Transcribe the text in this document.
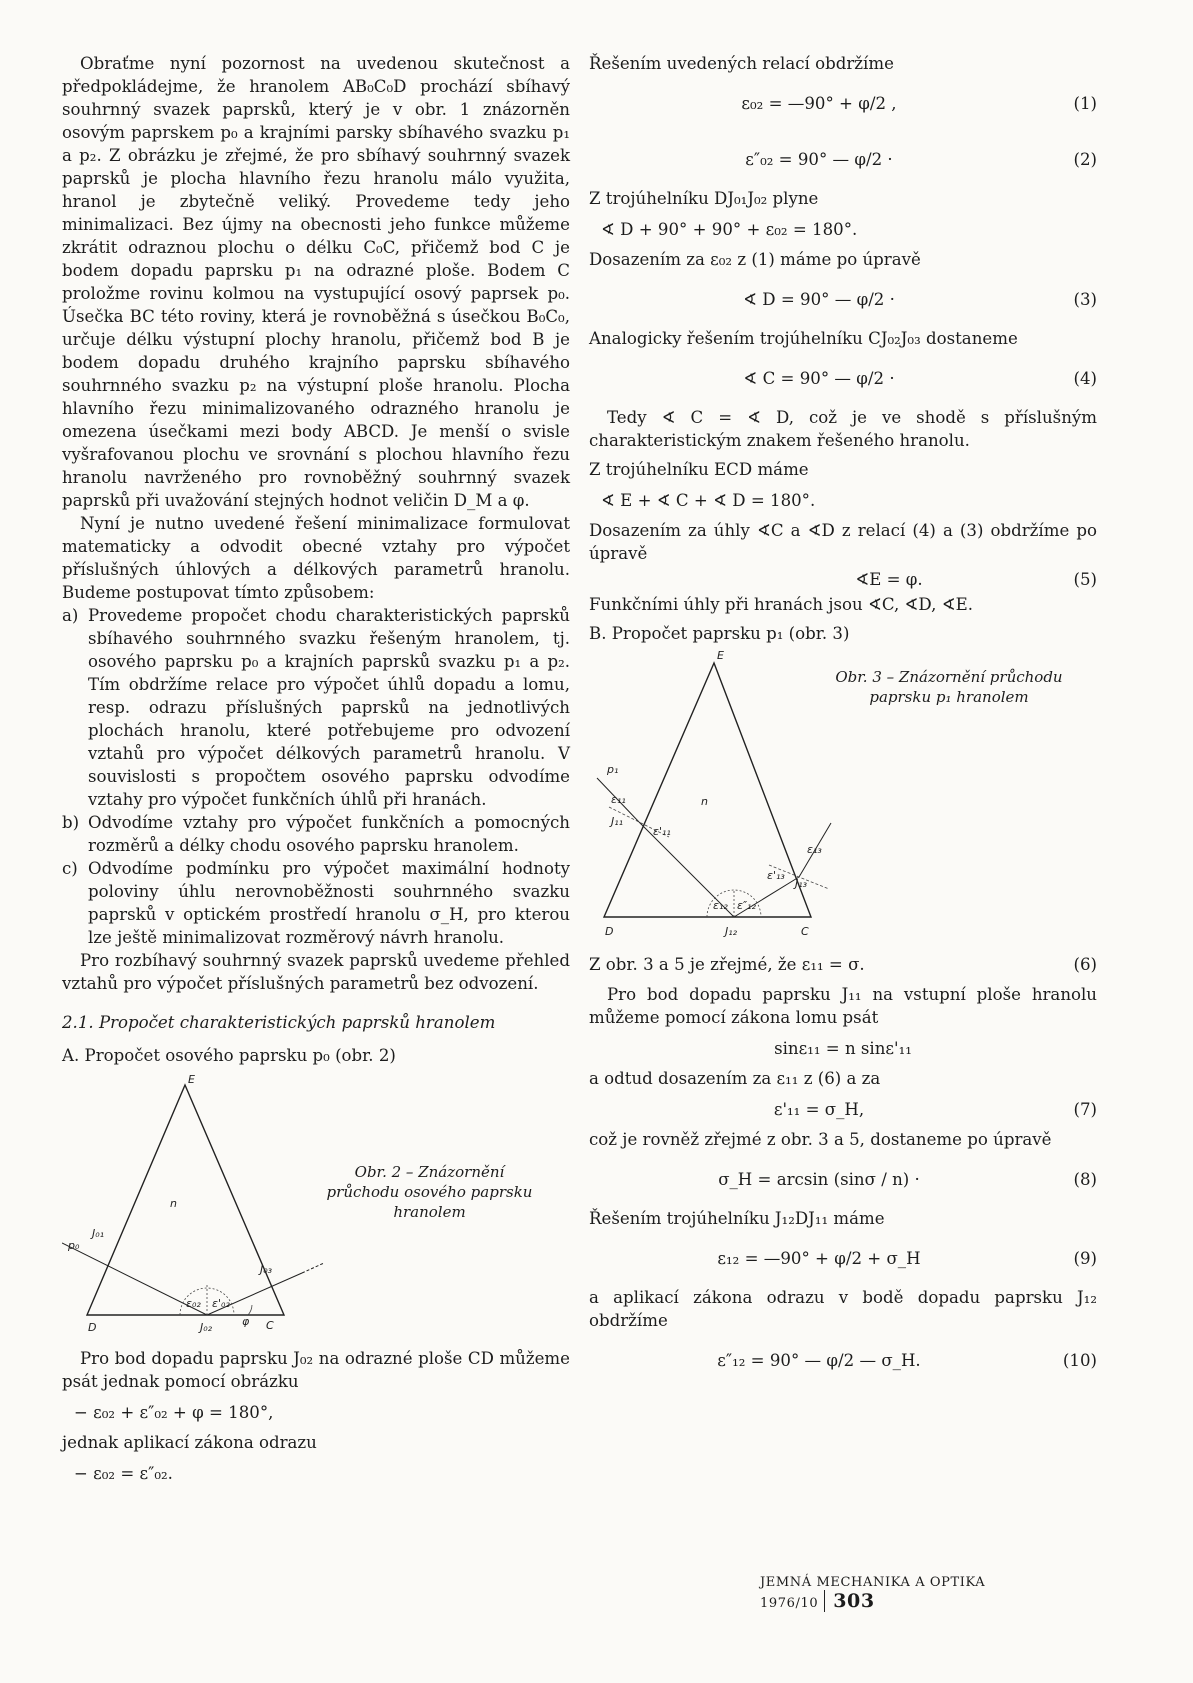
Obraťme nyní pozornost na uvedenou skutečnost a předpokládejme, že hranolem AB₀C₀D prochází sbíhavý souhrnný svazek paprsků, který je v obr. 1 znázorněn osovým paprskem p₀ a krajními parsky sbíhavého svazku p₁ a p₂. Z obrázku je zřejmé, že pro sbíhavý souhrnný svazek paprsků je plocha hlavního řezu hranolu málo využita, hranol je zbytečně veliký. Provedeme tedy jeho minimalizaci. Bez újmy na obecnosti jeho funkce můžeme zkrátit odraznou plochu o délku C₀C, přičemž bod C je bodem dopadu paprsku p₁ na odrazné ploše. Bodem C proložme rovinu kolmou na vystupující osový paprsek p₀. Úsečka BC této roviny, která je rovnoběžná s úsečkou B₀C₀, určuje délku výstupní plochy hranolu, přičemž bod B je bodem dopadu druhého krajního paprsku sbíhavého souhrnného svazku p₂ na výstupní ploše hranolu. Plocha hlavního řezu minimalizovaného odrazného hranolu je omezena úsečkami mezi body ABCD. Je menší o svisle vyšrafovanou plochu ve srovnání s plochou hlavního řezu hranolu navrženého pro rovnoběžný souhrnný svazek paprsků při uvažování stejných hodnot veličin D_M a φ.

Nyní je nutno uvedené řešení minimalizace formulovat matematicky a odvodit obecné vztahy pro výpočet příslušných úhlových a délkových parametrů hranolu. Budeme postupovat tímto způsobem:

a) Provedeme propočet chodu charakteristických paprsků sbíhavého souhrnného svazku řešeným hranolem, tj. osového paprsku p₀ a krajních paprsků svazku p₁ a p₂. Tím obdržíme relace pro výpočet úhlů dopadu a lomu, resp. odrazu příslušných paprsků na jednotlivých plochách hranolu, které potřebujeme pro odvození vztahů pro výpočet délkových parametrů hranolu. V souvislosti s propočtem osového paprsku odvodíme vztahy pro výpočet funkčních úhlů při hranách.
b) Odvodíme vztahy pro výpočet funkčních a pomocných rozměrů a délky chodu osového paprsku hranolem.
c) Odvodíme podmínku pro výpočet maximální hodnoty poloviny úhlu nerovnoběžnosti souhrnného svazku paprsků v optickém prostředí hranolu σ_H, pro kterou lze ještě minimalizovat rozměrový návrh hranolu.

Pro rozbíhavý souhrnný svazek paprsků uvedeme přehled vztahů pro výpočet příslušných parametrů bez odvození.

2.1. Propočet charakteristických paprsků hranolem

A. Propočet osového paprsku p₀ (obr. 2)

E
n
J₀₁
p₀
D	J₀₂	C
J₀₃
ε₀₂ ε'₀₂
φ
Obr. 2 – Znázornění průchodu osového paprsku hranolem

Pro bod dopadu paprsku J₀₂ na odrazné ploše CD můžeme psát jednak pomocí obrázku

− ε₀₂ + ε″₀₂ + φ = 180°,

jednak aplikací zákona odrazu

− ε₀₂ = ε″₀₂.

Řešením uvedených relací obdržíme

ε₀₂ = —90° + φ/2 ,	(1)
ε″₀₂ = 90° — φ/2 ·	(2)

Z trojúhelníku DJ₀₁J₀₂ plyne

∢ D + 90° + 90° + ε₀₂ = 180°.

Dosazením za ε₀₂ z (1) máme po úpravě

∢ D = 90° — φ/2 ·	(3)

Analogicky řešením trojúhelníku CJ₀₂J₀₃ dostaneme

∢ C = 90° — φ/2 ·	(4)

Tedy ∢ C = ∢ D, což je ve shodě s příslušným charakteristickým znakem řešeného hranolu.

Z trojúhelníku ECD máme

∢ E + ∢ C + ∢ D = 180°.

Dosazením za úhly ∢C a ∢D z relací (4) a (3) obdržíme po úpravě

∢E = φ.	(5)

Funkčními úhly při hranách jsou ∢C, ∢D, ∢E.

B. Propočet paprsku p₁ (obr. 3)

E
n
p₁
J₁₁
D	J₁₂	C
J₁₃
ε₁₁
ε'₁₁
ε₁₂ ε″₁₂
ε₁₃
ε'₁₃
Obr. 3 – Znázornění průchodu paprsku p₁ hranolem
Z obr. 3 a 5 je zřejmé, že ε₁₁ = σ.	(6)

Pro bod dopadu paprsku J₁₁ na vstupní ploše hranolu můžeme pomocí zákona lomu psát

sinε₁₁ = n sinε'₁₁

a odtud dosazením za ε₁₁ z (6) a za

ε'₁₁ = σ_H,	(7)

což je rovněž zřejmé z obr. 3 a 5, dostaneme po úpravě

σ_H = arcsin (sinσ / n) ·	(8)

Řešením trojúhelníku J₁₂DJ₁₁ máme

ε₁₂ = —90° + φ/2 + σ_H	(9)

a aplikací zákona odrazu v bodě dopadu paprsku J₁₂ obdržíme

ε″₁₂ = 90° — φ/2 — σ_H.	(10)
JEMNÁ MECHANIKA A OPTIKA 1976/10 303
